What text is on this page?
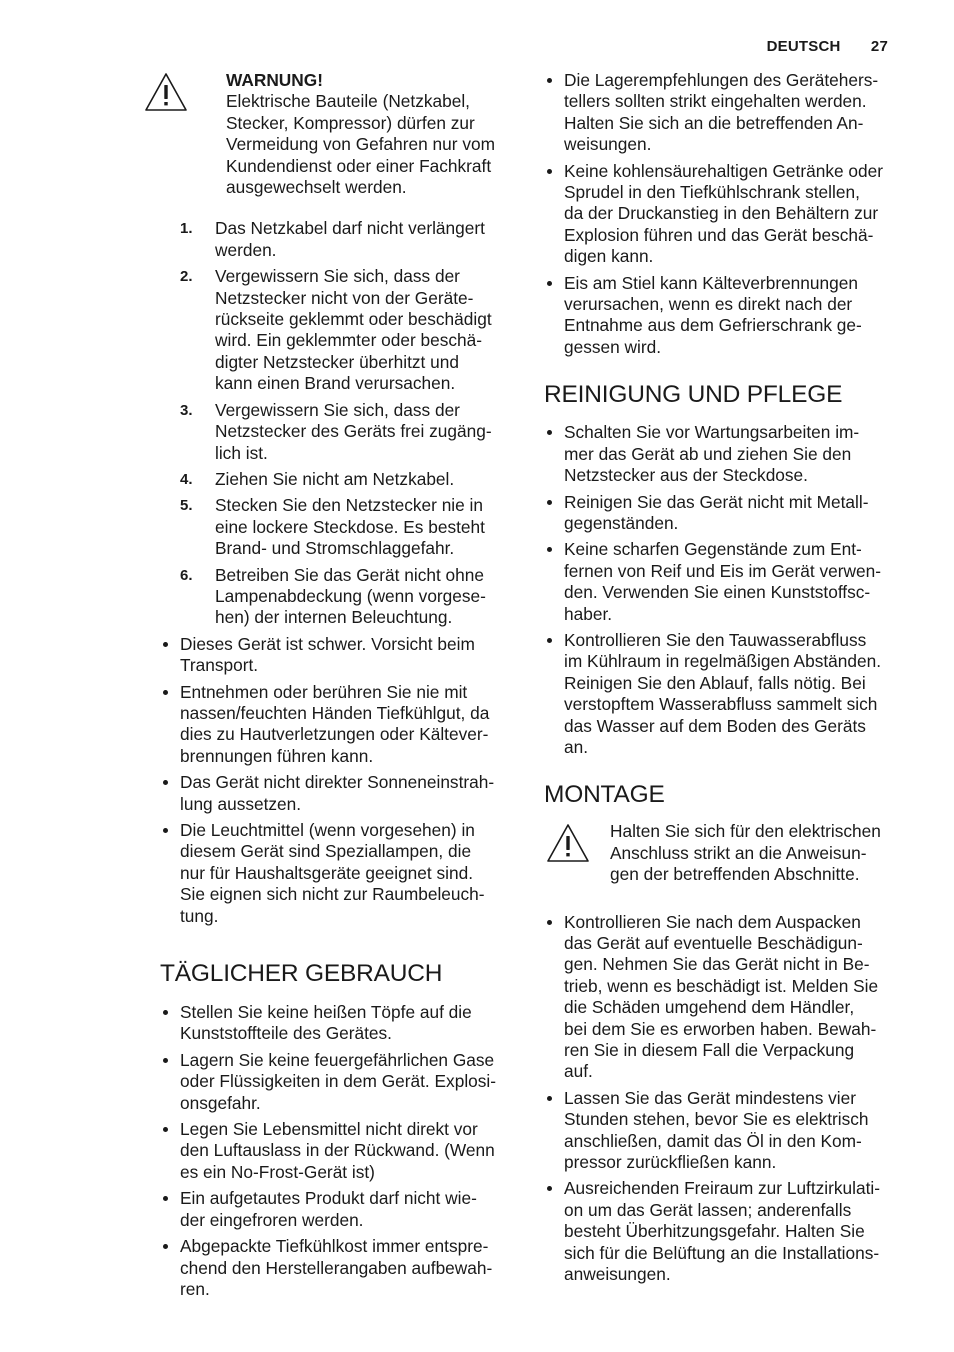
DEUTSCH 27
WARNUNG!
Elektrische Bauteile (Netzkabel,
Stecker, Kompressor) dürfen zur
Vermeidung von Gefahren nur vom
Kundendienst oder einer Fachkraft
ausgewechselt werden.
1. Das Netzkabel darf nicht verlängert
werden.
2. Vergewissern Sie sich, dass der
Netzstecker nicht von der Geräte-
rückseite geklemmt oder beschädigt
wird. Ein geklemmter oder beschä-
digter Netzstecker überhitzt und
kann einen Brand verursachen.
3. Vergewissern Sie sich, dass der
Netzstecker des Geräts frei zugäng-
lich ist.
4. Ziehen Sie nicht am Netzkabel.
5. Stecken Sie den Netzstecker nie in
eine lockere Steckdose. Es besteht
Brand- und Stromschlaggefahr.
6. Betreiben Sie das Gerät nicht ohne
Lampenabdeckung (wenn vorgese-
hen) der internen Beleuchtung.
Dieses Gerät ist schwer. Vorsicht beim
Transport.
Entnehmen oder berühren Sie nie mit
nassen/feuchten Händen Tiefkühlgut, da
dies zu Hautverletzungen oder Kältever-
brennungen führen kann.
Das Gerät nicht direkter Sonneneinstrah-
lung aussetzen.
Die Leuchtmittel (wenn vorgesehen) in
diesem Gerät sind Speziallampen, die
nur für Haushaltsgeräte geeignet sind.
Sie eignen sich nicht zur Raumbeleuch-
tung.
TÄGLICHER GEBRAUCH
Stellen Sie keine heißen Töpfe auf die
Kunststoffteile des Gerätes.
Lagern Sie keine feuergefährlichen Gase
oder Flüssigkeiten in dem Gerät. Explosi-
onsgefahr.
Legen Sie Lebensmittel nicht direkt vor
den Luftauslass in der Rückwand. (Wenn
es ein No-Frost-Gerät ist)
Ein aufgetautes Produkt darf nicht wie-
der eingefroren werden.
Abgepackte Tiefkühlkost immer entspre-
chend den Herstellerangaben aufbewah-
ren.
Die Lagerempfehlungen des Gerätehers-
tellers sollten strikt eingehalten werden.
Halten Sie sich an die betreffenden An-
weisungen.
Keine kohlensäurehaltigen Getränke oder
Sprudel in den Tiefkühlschrank stellen,
da der Druckanstieg in den Behältern zur
Explosion führen und das Gerät beschä-
digen kann.
Eis am Stiel kann Kälteverbrennungen
verursachen, wenn es direkt nach der
Entnahme aus dem Gefrierschrank ge-
gessen wird.
REINIGUNG UND PFLEGE
Schalten Sie vor Wartungsarbeiten im-
mer das Gerät ab und ziehen Sie den
Netzstecker aus der Steckdose.
Reinigen Sie das Gerät nicht mit Metall-
gegenständen.
Keine scharfen Gegenstände zum Ent-
fernen von Reif und Eis im Gerät verwen-
den. Verwenden Sie einen Kunststoffsc-
haber.
Kontrollieren Sie den Tauwasserabfluss
im Kühlraum in regelmäßigen Abständen.
Reinigen Sie den Ablauf, falls nötig. Bei
verstopftem Wasserabfluss sammelt sich
das Wasser auf dem Boden des Geräts
an.
MONTAGE
Halten Sie sich für den elektrischen
Anschluss strikt an die Anweisun-
gen der betreffenden Abschnitte.
Kontrollieren Sie nach dem Auspacken
das Gerät auf eventuelle Beschädigun-
gen. Nehmen Sie das Gerät nicht in Be-
trieb, wenn es beschädigt ist. Melden Sie
die Schäden umgehend dem Händler,
bei dem Sie es erworben haben. Bewah-
ren Sie in diesem Fall die Verpackung
auf.
Lassen Sie das Gerät mindestens vier
Stunden stehen, bevor Sie es elektrisch
anschließen, damit das Öl in den Kom-
pressor zurückfließen kann.
Ausreichenden Freiraum zur Luftzirkulati-
on um das Gerät lassen; anderenfalls
besteht Überhitzungsgefahr. Halten Sie
sich für die Belüftung an die Installations-
anweisungen.
